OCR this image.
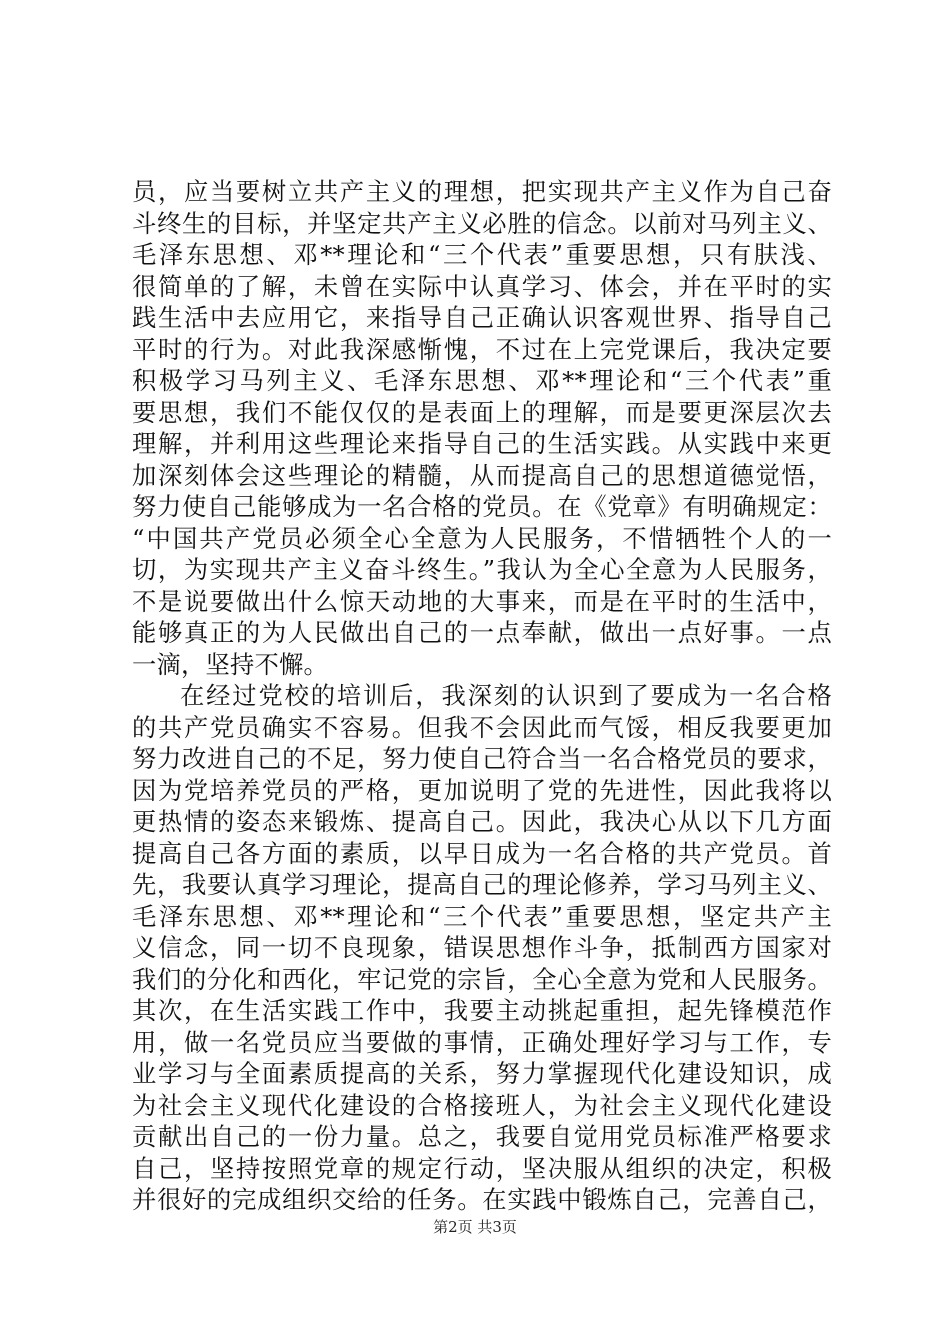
员，应当要树立共产主义的理想，把实现共产主义作为自己奋
斗终生的目标，并坚定共产主义必胜的信念。以前对马列主义、
毛泽东思想、邓**理论和“三个代表”重要思想，只有肤浅、
很简单的了解，未曾在实际中认真学习、体会，并在平时的实
践生活中去应用它，来指导自己正确认识客观世界、指导自己
平时的行为。对此我深感惭愧，不过在上完党课后，我决定要
积极学习马列主义、毛泽东思想、邓**理论和“三个代表”重
要思想，我们不能仅仅的是表面上的理解，而是要更深层次去
理解，并利用这些理论来指导自己的生活实践。从实践中来更
加深刻体会这些理论的精髓，从而提高自己的思想道德觉悟，
努力使自己能够成为一名合格的党员。在《党章》有明确规定：
“中国共产党员必须全心全意为人民服务，不惜牺牲个人的一
切，为实现共产主义奋斗终生。”我认为全心全意为人民服务，
不是说要做出什么惊天动地的大事来，而是在平时的生活中，
能够真正的为人民做出自己的一点奉献，做出一点好事。一点
一滴，坚持不懈。
在经过党校的培训后，我深刻的认识到了要成为一名合格
的共产党员确实不容易。但我不会因此而气馁，相反我要更加
努力改进自己的不足，努力使自己符合当一名合格党员的要求，
因为党培养党员的严格，更加说明了党的先进性，因此我将以
更热情的姿态来锻炼、提高自己。因此，我决心从以下几方面
提高自己各方面的素质，以早日成为一名合格的共产党员。首
先，我要认真学习理论，提高自己的理论修养，学习马列主义、
毛泽东思想、邓**理论和“三个代表”重要思想，坚定共产主
义信念，同一切不良现象，错误思想作斗争，抵制西方国家对
我们的分化和西化，牢记党的宗旨，全心全意为党和人民服务。
其次，在生活实践工作中，我要主动挑起重担，起先锋模范作
用，做一名党员应当要做的事情，正确处理好学习与工作，专
业学习与全面素质提高的关系，努力掌握现代化建设知识，成
为社会主义现代化建设的合格接班人，为社会主义现代化建设
贡献出自己的一份力量。总之，我要自觉用党员标准严格要求
自己，坚持按照党章的规定行动，坚决服从组织的决定，积极
并很好的完成组织交给的任务。在实践中锻炼自己，完善自己，
第2页 共3页
